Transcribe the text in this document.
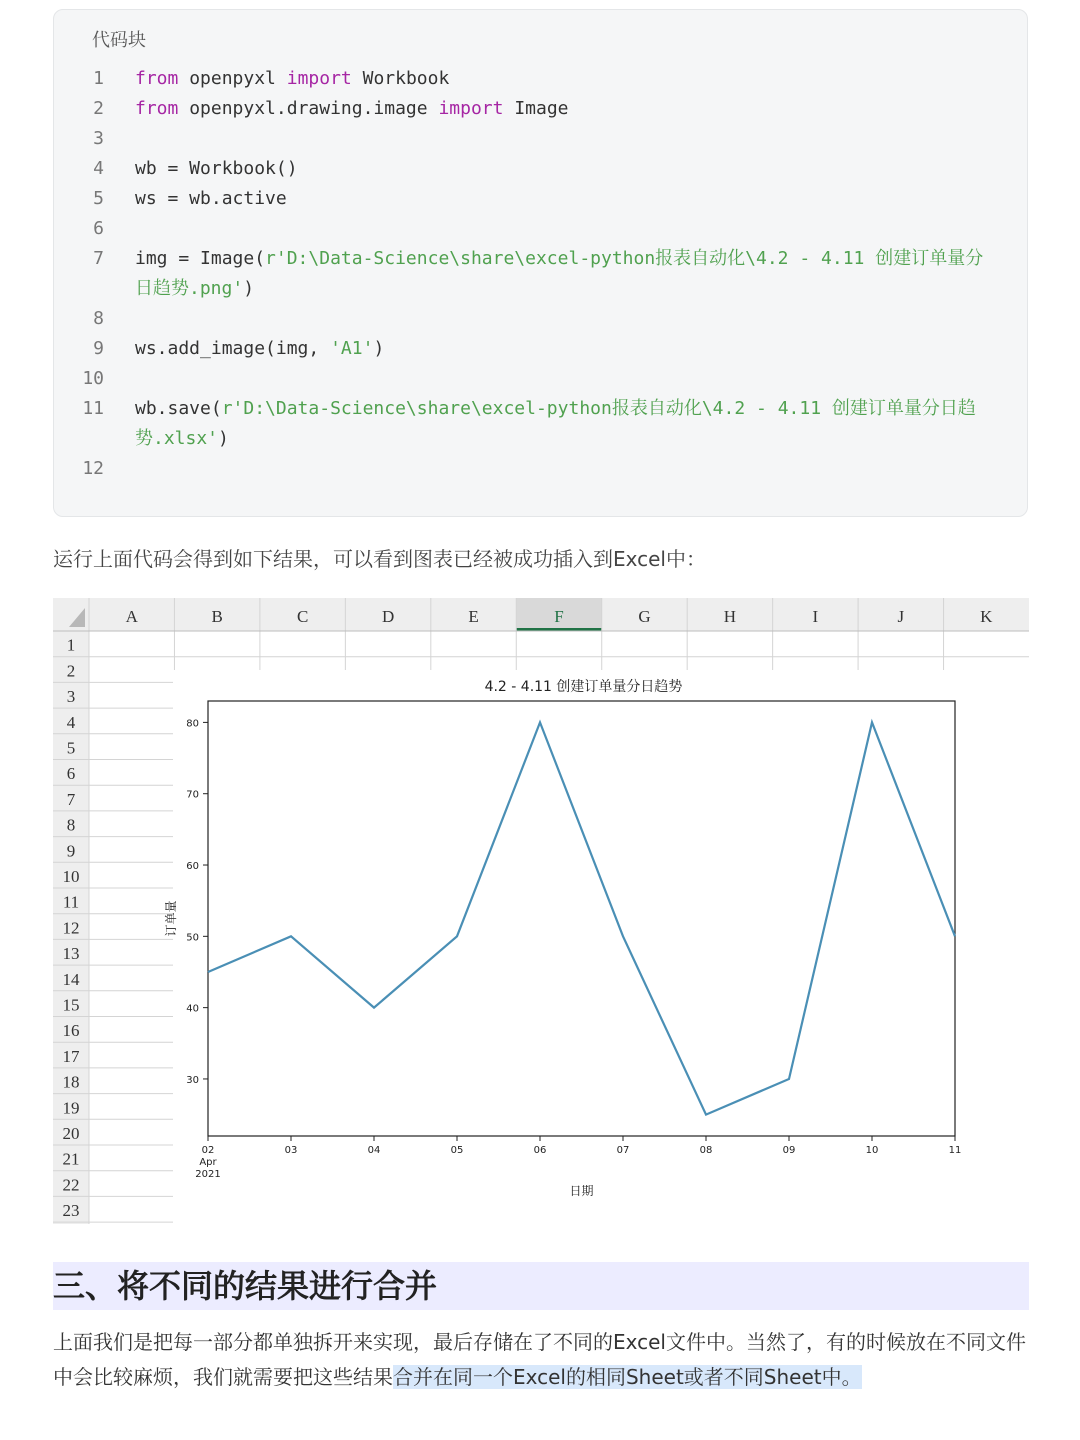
代码块
1 from openpyxl import Workbook
2 from openpyxl.drawing.image import Image
3
4 wb = Workbook()
5 ws = wb.active
6
7 img = Image(r'D:\Data-Science\share\excel-python报表自动化\4.2 - 4.11 创建订单量分
日趋势.png')
8
9 ws.add_image(img, 'A1')
10
11 wb.save(r'D:\Data-Science\share\excel-python报表自动化\4.2 - 4.11 创建订单量分日趋
势.xlsx')
12
运行上面代码会得到如下结果，可以看到图表已经被成功插入到Excel中：
A	B	C	D	E	F	G	H	I	J	K
1
2
3
4
5
6
7
8
9
10
11
12
13
14
15
16
17
18
19
20
21
22
23
4.2 - 4.11 创建订单量分日趋势
30
40
50
60
70
80
02	03	04	05	06	07	08	09	10	11
Apr
2021
日期
订单量
三、将不同的结果进行合并
上面我们是把每一部分都单独拆开来实现，最后存储在了不同的Excel文件中。当然了，有的时候放在不同文件中会比较麻烦，我们就需要把这些结果合并在同一个Excel的相同Sheet或者不同Sheet中。
